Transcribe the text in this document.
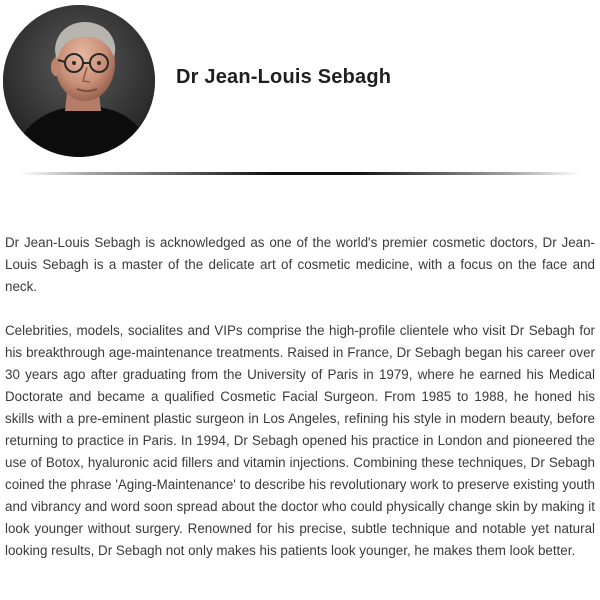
Dr Jean-Louis Sebagh

Dr Jean-Louis Sebagh is acknowledged as one of the world's premier cosmetic doctors, Dr Jean-Louis Sebagh is a master of the delicate art of cosmetic medicine, with a focus on the face and neck.

Celebrities, models, socialites and VIPs comprise the high-profile clientele who visit Dr Sebagh for his breakthrough age-maintenance treatments. Raised in France, Dr Sebagh began his career over 30 years ago after graduating from the University of Paris in 1979, where he earned his Medical Doctorate and became a qualified Cosmetic Facial Surgeon. From 1985 to 1988, he honed his skills with a pre-eminent plastic surgeon in Los Angeles, refining his style in modern beauty, before returning to practice in Paris. In 1994, Dr Sebagh opened his practice in London and pioneered the use of Botox, hyaluronic acid fillers and vitamin injections. Combining these techniques, Dr Sebagh coined the phrase 'Aging-Maintenance' to describe his revolutionary work to preserve existing youth and vibrancy and word soon spread about the doctor who could physically change skin by making it look younger without surgery. Renowned for his precise, subtle technique and notable yet natural looking results, Dr Sebagh not only makes his patients look younger, he makes them look better.
